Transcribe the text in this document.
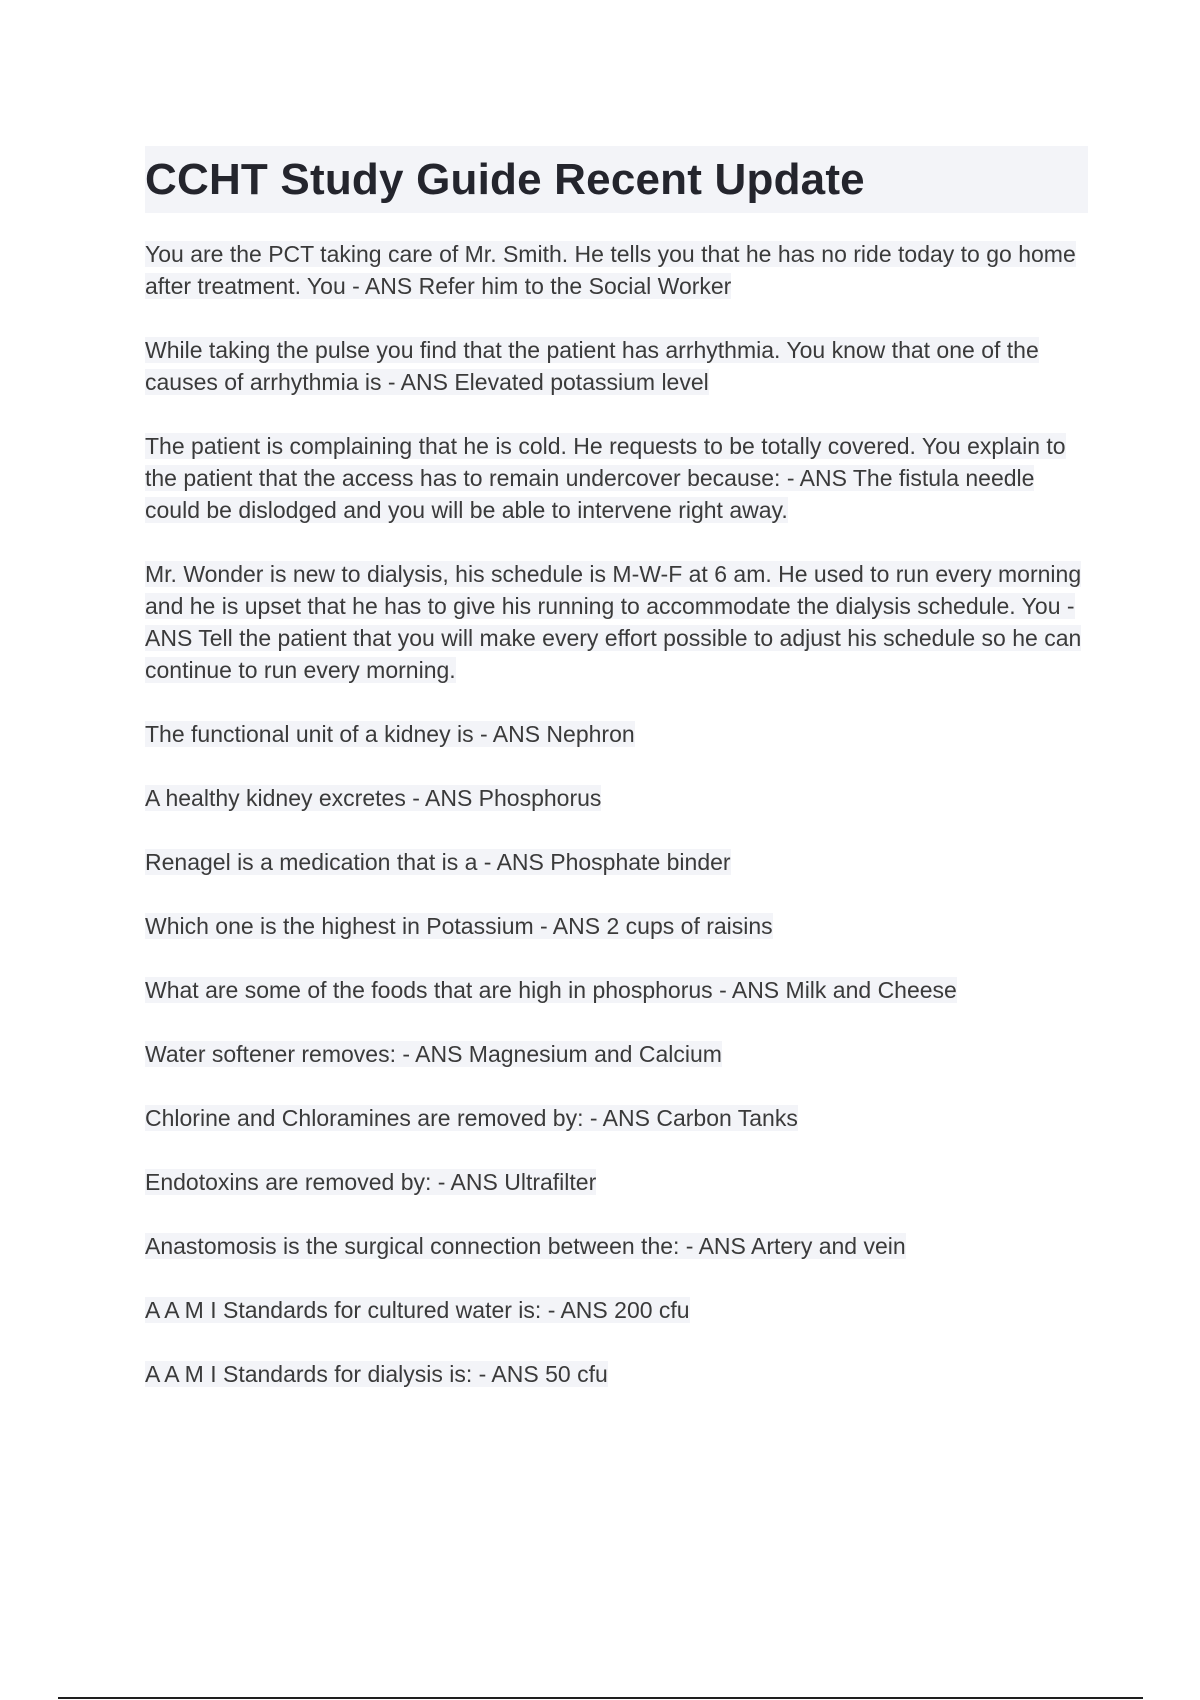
CCHT Study Guide Recent Update

You are the PCT taking care of Mr. Smith. He tells you that he has no ride today to go home after treatment. You - ANS Refer him to the Social Worker

While taking the pulse you find that the patient has arrhythmia. You know that one of the causes of arrhythmia is - ANS Elevated potassium level

The patient is complaining that he is cold. He requests to be totally covered. You explain to the patient that the access has to remain undercover because: - ANS The fistula needle could be dislodged and you will be able to intervene right away.

Mr. Wonder is new to dialysis, his schedule is M-W-F at 6 am. He used to run every morning and he is upset that he has to give his running to accommodate the dialysis schedule. You - ANS Tell the patient that you will make every effort possible to adjust his schedule so he can continue to run every morning.

The functional unit of a kidney is - ANS Nephron

A healthy kidney excretes - ANS Phosphorus

Renagel is a medication that is a - ANS Phosphate binder

Which one is the highest in Potassium - ANS 2 cups of raisins

What are some of the foods that are high in phosphorus - ANS Milk and Cheese

Water softener removes: - ANS Magnesium and Calcium

Chlorine and Chloramines are removed by: - ANS Carbon Tanks

Endotoxins are removed by: - ANS Ultrafilter

Anastomosis is the surgical connection between the: - ANS Artery and vein

A A M I Standards for cultured water is: - ANS 200 cfu

A A M I Standards for dialysis is: - ANS 50 cfu
